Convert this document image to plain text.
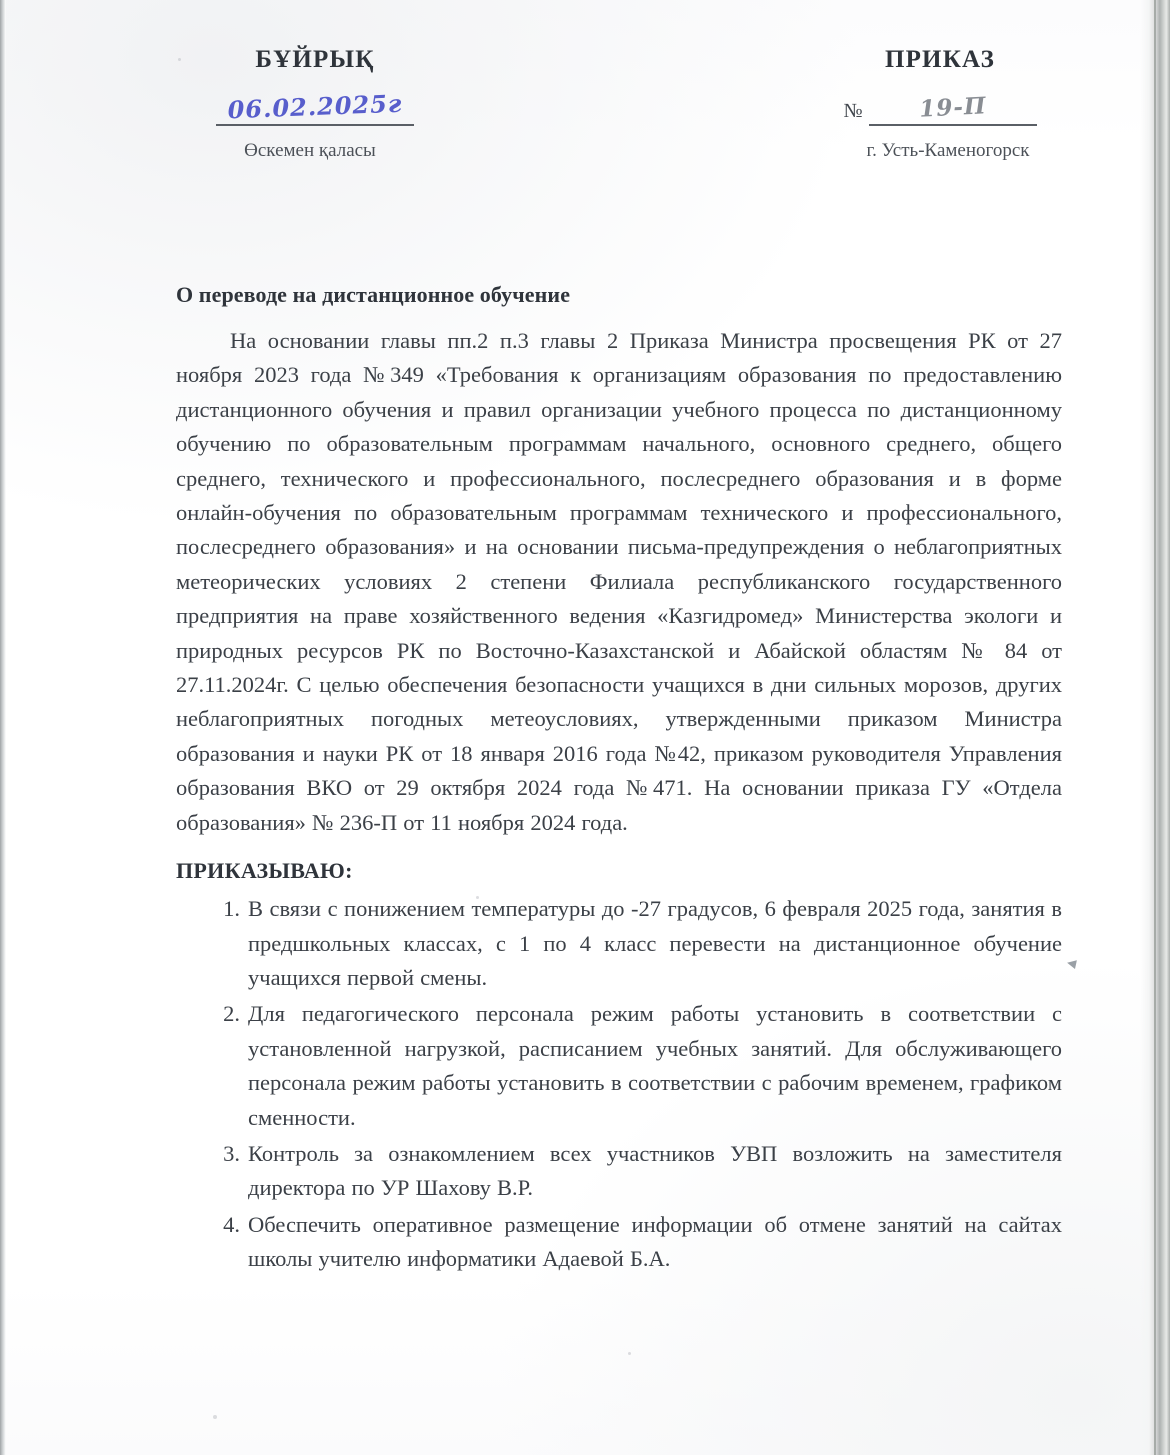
БҰЙРЫҚ
06.02.2025г
Өскемен қаласы
ПРИКАЗ
№	19-П
г. Усть-Каменогорск
О переводе на дистанционное обучение

На основании главы пп.2 п.3 главы 2 Приказа Министра просвещения РК от 27 ноября 2023 года №349 «Требования к организациям образования по предоставлению дистанционного обучения и правил организации учебного процесса по дистанционному обучению по образовательным программам начального, основного среднего, общего среднего, технического и профессионального, послесреднего образования и в форме онлайн-обучения по образовательным программам технического и профессионального, послесреднего образования» и на основании письма-предупреждения о неблагоприятных метеорических условиях 2 степени Филиала республиканского государственного предприятия на праве хозяйственного ведения «Казгидромед» Министерства экологи и природных ресурсов РК по Восточно-Казахстанской и Абайской областям № 84 от 27.11.2024г. С целью обеспечения безопасности учащихся в дни сильных морозов, других неблагоприятных погодных метеоусловиях, утвержденными приказом Министра образования и науки РК от 18 января 2016 года №42, приказом руководителя Управления образования ВКО от 29 октября 2024 года №471. На основании приказа ГУ «Отдела образования» № 236-П от 11 ноября 2024 года.

ПРИКАЗЫВАЮ:
В связи с понижением температуры до -27 градусов, 6 февраля 2025 года, занятия в предшкольных классах, с 1 по 4 класс перевести на дистанционное обучение учащихся первой смены.
Для педагогического персонала режим работы установить в соответствии с установленной нагрузкой, расписанием учебных занятий. Для обслуживающего персонала режим работы установить в соответствии с рабочим временем, графиком сменности.
Контроль за ознакомлением всех участников УВП возложить на заместителя директора по УР Шахову В.Р.
Обеспечить оперативное размещение информации об отмене занятий на сайтах школы учителю информатики Адаевой Б.А.
◄
